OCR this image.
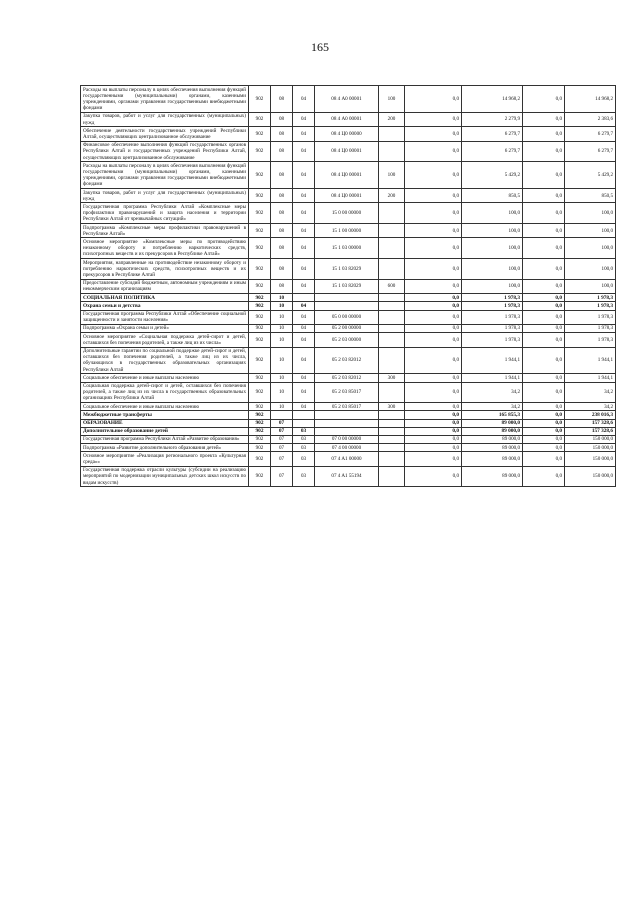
165
Расходы на выплаты персоналу в целях обеспечения выполнения функций государственными (муниципальными) органами, казенными учреждениями, органами управления государственными внебюджетными фондами	902	08	04	08 4 А0 00001	100	0,0	14 968,2	0,0	14 968,2
Закупка товаров, работ и услуг для государственных (муниципальных) нужд	902	08	04	08 4 А0 00001	200	0,0	2 279,9	0,0	2 383,6
Обеспечение деятельности государственных учреждений Республики Алтай, осуществляющих централизованное обслуживание	902	08	04	08 4 Ц0 00000		0,0	6 279,7	0,0	6 279,7
Финансовое обеспечение выполнения функций государственных органов Республики Алтай и государственных учреждений Республики Алтай, осуществляющих централизованное обслуживание	902	08	04	08 4 Ц0 00001		0,0	6 279,7	0,0	6 279,7
Расходы на выплаты персоналу в целях обеспечения выполнения функций государственными (муниципальными) органами, казенными учреждениями, органами управления государственными внебюджетными фондами	902	08	04	08 4 Ц0 00001	100	0,0	5 429,2	0,0	5 429,2
Закупка товаров, работ и услуг для государственных (муниципальных) нужд	902	08	04	08 4 Ц0 00001	200	0,0	850,5	0,0	850,5
Государственная программа Республики Алтай «Комплексные меры профилактики правонарушений и защита населения и территории Республики Алтай от чрезвычайных ситуаций»	902	08	04	15 0 00 00000		0,0	100,0	0,0	100,0
Подпрограмма «Комплексные меры профилактики правонарушений в Республике Алтай»	902	08	04	15 1 00 00000		0,0	100,0	0,0	100,0
Основное мероприятие «Комплексные меры по противодействию незаконному обороту и потреблению наркотических средств, психотропных веществ и их прекурсоров в Республике Алтай»	902	08	04	15 1 03 00000		0,0	100,0	0,0	100,0
Мероприятия, направленные на противодействие незаконному обороту и потреблению наркотических средств, психотропных веществ и их прекурсоров в Республике Алтай	902	08	04	15 1 03 82029		0,0	100,0	0,0	100,0
Предоставление субсидий бюджетным, автономным учреждениям и иным некоммерческим организациям	902	08	04	15 1 03 82029	600	0,0	100,0	0,0	100,0
СОЦИАЛЬНАЯ ПОЛИТИКА	902	10				0,0	1 978,3	0,0	1 978,3
Охрана семьи и детства	902	10	04			0,0	1 978,3	0,0	1 978,3
Государственная программа Республики Алтай «Обеспечение социальной защищенности и занятости населения»	902	10	04	05 0 00 00000		0,0	1 978,3	0,0	1 978,3
Подпрограмма «Охрана семьи и детей»	902	10	04	05 2 00 00000		0,0	1 978,3	0,0	1 978,3
Основное мероприятие «Социальная поддержка детей-сирот и детей, оставшихся без попечения родителей, а также лиц из их числа»	902	10	04	05 2 03 00000		0,0	1 978,3	0,0	1 978,3
Дополнительные гарантии по социальной поддержке детей-сирот и детей, оставшихся без попечения родителей, а также лиц из их числа, обучающихся в государственных образовательных организациях Республики Алтай	902	10	04	05 2 03 82012		0,0	1 944,1	0,0	1 944,1
Социальное обеспечение и иные выплаты населению	902	10	04	05 2 03 82012	300	0,0	1 944,1	0,0	1 944,1
Социальная поддержка детей-сирот и детей, оставшихся без попечения родителей, а также лиц из их числа в государственных образовательных организациях Республики Алтай	902	10	04	05 2 03 85017		0,0	34,2	0,0	34,2
Социальное обеспечение и иные выплаты населению	902	10	04	05 2 03 85017	300	0,0	34,2	0,0	34,2
Межбюджетные трансферты	902					0,0	165 855,3	0,0	238 016,3
ОБРАЗОВАНИЕ	902	07				0,0	89 000,0	0,0	157 328,6
Дополнительное образование детей	902	07	03			0,0	89 000,0	0,0	157 328,6
Государственная программа Республики Алтай «Развитие образования»	902	07	03	07 0 00 00000		0,0	89 000,0	0,0	150 000,0
Подпрограмма «Развитие дополнительного образования детей»	902	07	03	07 4 00 00000		0,0	89 000,0	0,0	150 000,0
Основное мероприятие «Реализация регионального проекта «Культурная среда»»	902	07	03	07 4 A1 00000		0,0	89 000,0	0,0	150 000,0
Государственная поддержка отрасли культуры (субсидии на реализацию мероприятий по модернизации муниципальных детских школ искусств по видам искусств)	902	07	03	07 4 A1 55194		0,0	89 000,0	0,0	150 000,0
